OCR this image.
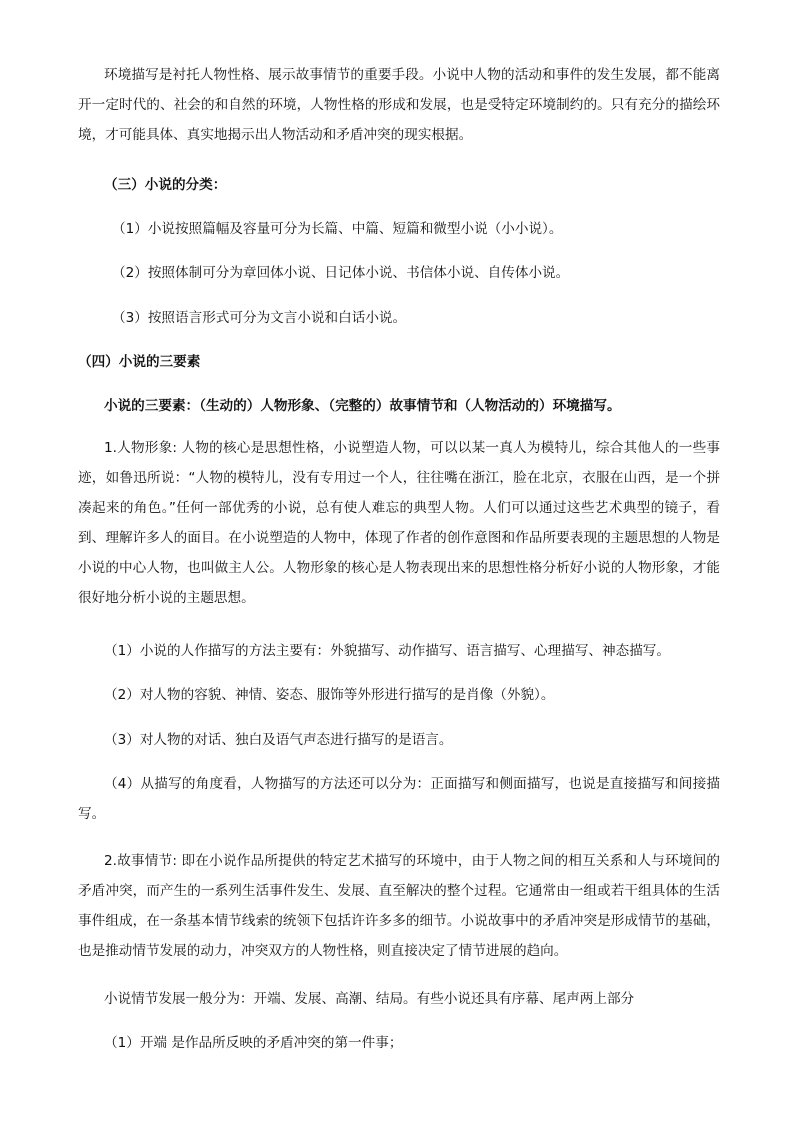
环境描写是衬托人物性格、展示故事情节的重要手段。小说中人物的活动和事件的发生发展，都不能离开一定时代的、社会的和自然的环境，人物性格的形成和发展，也是受特定环境制约的。只有充分的描绘环境，才可能具体、真实地揭示出人物活动和矛盾冲突的现实根据。

（三）小说的分类：

（1）小说按照篇幅及容量可分为长篇、中篇、短篇和微型小说（小小说）。

（2）按照体制可分为章回体小说、日记体小说、书信体小说、自传体小说。

（3）按照语言形式可分为文言小说和白话小说。

（四）小说的三要素

小说的三要素：（生动的）人物形象、（完整的）故事情节和（人物活动的）环境描写。

1.人物形象: 人物的核心是思想性格，小说塑造人物，可以以某一真人为模特儿，综合其他人的一些事迹，如鲁迅所说：“人物的模特儿，没有专用过一个人，往往嘴在浙江，脸在北京，衣服在山西，是一个拼凑起来的角色。”任何一部优秀的小说，总有使人难忘的典型人物。人们可以通过这些艺术典型的镜子，看到、理解许多人的面目。在小说塑造的人物中，体现了作者的创作意图和作品所要表现的主题思想的人物是小说的中心人物，也叫做主人公。人物形象的核心是人物表现出来的思想性格分析好小说的人物形象，才能很好地分析小说的主题思想。

（1）小说的人作描写的方法主要有：外貌描写、动作描写、语言描写、心理描写、神态描写。

（2）对人物的容貌、神情、姿态、服饰等外形进行描写的是肖像（外貌）。

（3）对人物的对话、独白及语气声态进行描写的是语言。

（4）从描写的角度看，人物描写的方法还可以分为：正面描写和侧面描写，也说是直接描写和间接描写。

2.故事情节: 即在小说作品所提供的特定艺术描写的环境中，由于人物之间的相互关系和人与环境间的矛盾冲突，而产生的一系列生活事件发生、发展、直至解决的整个过程。它通常由一组或若干组具体的生活事件组成，在一条基本情节线索的统领下包括许许多多的细节。小说故事中的矛盾冲突是形成情节的基础，也是推动情节发展的动力，冲突双方的人物性格，则直接决定了情节进展的趋向。

小说情节发展一般分为：开端、发展、高潮、结局。有些小说还具有序幕、尾声两上部分

（1）开端 是作品所反映的矛盾冲突的第一件事；
